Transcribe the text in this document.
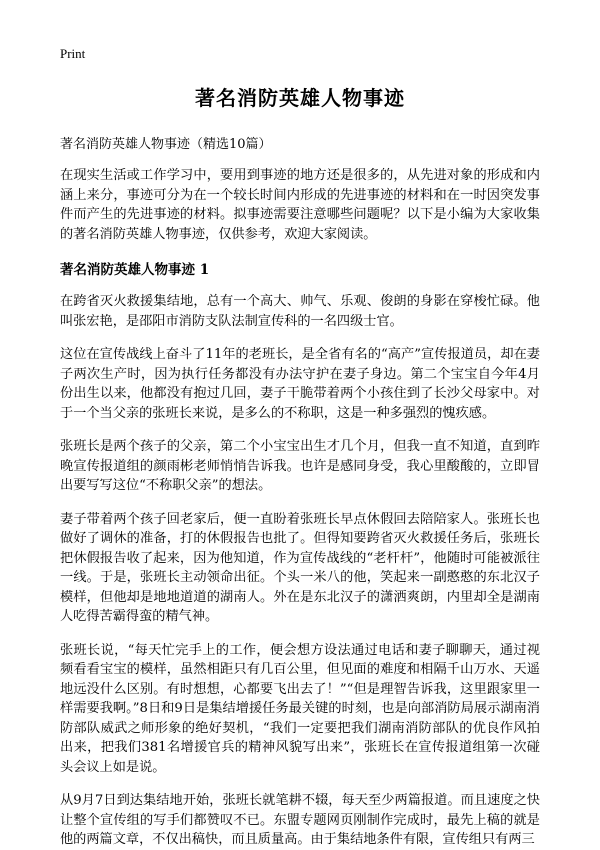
Print
著名消防英雄人物事迹
著名消防英雄人物事迹（精选10篇）

在现实生活或工作学习中，要用到事迹的地方还是很多的，从先进对象的形成和内涵上来分，事迹可分为在一个较长时间内形成的先进事迹的材料和在一时因突发事件而产生的先进事迹的材料。拟事迹需要注意哪些问题呢？以下是小编为大家收集的著名消防英雄人物事迹，仅供参考，欢迎大家阅读。

著名消防英雄人物事迹 1

在跨省灭火救援集结地，总有一个高大、帅气、乐观、俊朗的身影在穿梭忙碌。他叫张宏艳，是邵阳市消防支队法制宣传科的一名四级士官。

这位在宣传战线上奋斗了11年的老班长，是全省有名的“高产”宣传报道员，却在妻子两次生产时，因为执行任务都没有办法守护在妻子身边。第二个宝宝自今年4月份出生以来，他都没有抱过几回，妻子干脆带着两个小孩住到了长沙父母家中。对于一个当父亲的张班长来说，是多么的不称职，这是一种多强烈的愧疚感。

张班长是两个孩子的父亲，第二个小宝宝出生才几个月，但我一直不知道，直到昨晚宣传报道组的颜雨彬老师悄悄告诉我。也许是感同身受，我心里酸酸的，立即冒出要写写这位“不称职父亲”的想法。

妻子带着两个孩子回老家后，便一直盼着张班长早点休假回去陪陪家人。张班长也做好了调休的准备，打的休假报告也批了。但得知要跨省灭火救援任务后，张班长把休假报告收了起来，因为他知道，作为宣传战线的“老杆杆”，他随时可能被派往一线。于是，张班长主动领命出征。个头一米八的他，笑起来一副憨憨的东北汉子模样，但他却是地地道道的湖南人。外在是东北汉子的潇洒爽朗，内里却全是湖南人吃得苦霸得蛮的精气神。

张班长说，“每天忙完手上的工作，便会想方设法通过电话和妻子聊聊天，通过视频看看宝宝的模样，虽然相距只有几百公里，但见面的难度和相隔千山万水、天遥地远没什么区别。有时想想，心都要飞出去了！”“但是理智告诉我，这里跟家里一样需要我啊。”8日和9日是集结增援任务最关键的时刻，也是向部消防局展示湖南消防部队威武之师形象的绝好契机，“我们一定要把我们湖南消防部队的优良作风拍出来，把我们381名增援官兵的精神风貌写出来”，张班长在宣传报道组第一次碰头会议上如是说。

从9月7日到达集结地开始，张班长就笔耕不辍，每天至少两篇报道。而且速度之快让整个宣传组的写手们都赞叹不已。东盟专题网页刚制作完成时，最先上稿的就是他的两篇文章，不仅出稿快，而且质量高。由于集结地条件有限，宣传组只有两三
